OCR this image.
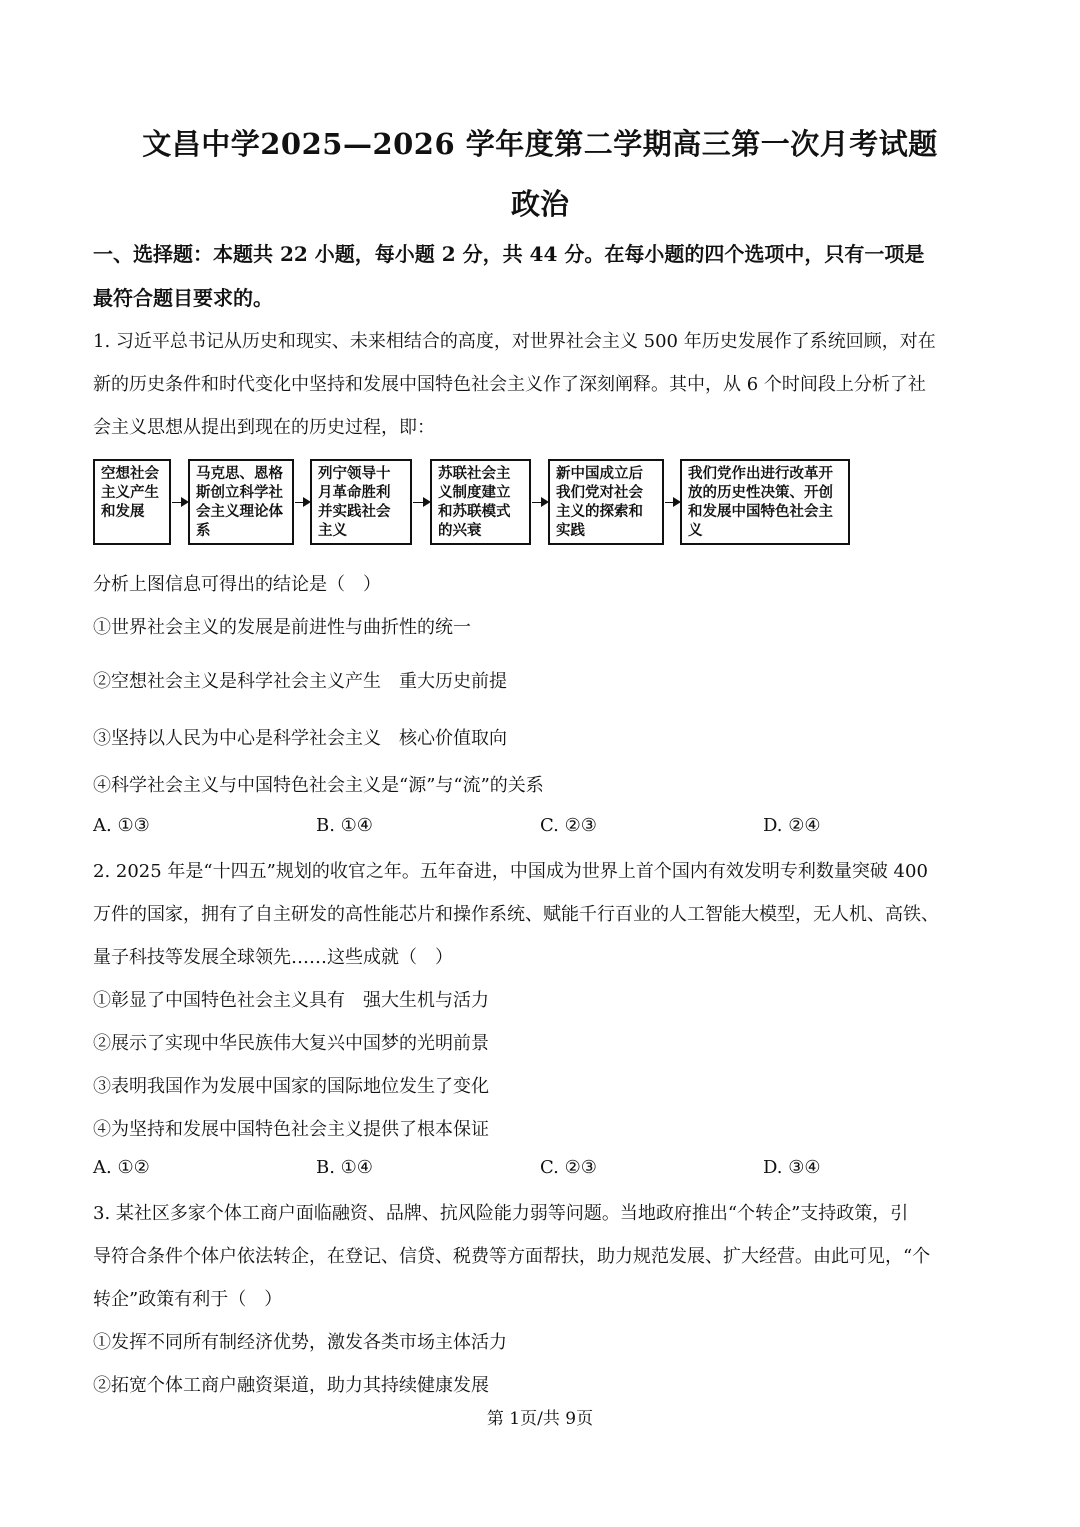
文昌中学2025—2026 学年度第二学期高三第一次月考试题
政治
一、选择题：本题共 22 小题，每小题 2 分，共 44 分。在每小题的四个选项中，只有一项是
最符合题目要求的。
1. 习近平总书记从历史和现实、未来相结合的高度，对世界社会主义 500 年历史发展作了系统回顾，对在
新的历史条件和时代变化中坚持和发展中国特色社会主义作了深刻阐释。其中，从 6 个时间段上分析了社
会主义思想从提出到现在的历史过程，即：
空想社会主义产生和发展
马克思、恩格斯创立科学社会主义理论体系
列宁领导十月革命胜利并实践社会主义
苏联社会主义制度建立和苏联模式的兴衰
新中国成立后我们党对社会主义的探索和实践
我们党作出进行改革开放的历史性决策、开创和发展中国特色社会主义
分析上图信息可得出的结论是（　）
①世界社会主义的发展是前进性与曲折性的统一
②空想社会主义是科学社会主义产生　重大历史前提
③坚持以人民为中心是科学社会主义　核心价值取向
④科学社会主义与中国特色社会主义是“源”与“流”的关系
A. ①③	B. ①④	C. ②③	D. ②④
2. 2025 年是“十四五”规划的收官之年。五年奋进，中国成为世界上首个国内有效发明专利数量突破 400
万件的国家，拥有了自主研发的高性能芯片和操作系统、赋能千行百业的人工智能大模型，无人机、高铁、
量子科技等发展全球领先……这些成就（　）
①彰显了中国特色社会主义具有　强大生机与活力
②展示了实现中华民族伟大复兴中国梦的光明前景
③表明我国作为发展中国家的国际地位发生了变化
④为坚持和发展中国特色社会主义提供了根本保证
A. ①②	B. ①④	C. ②③	D. ③④
3. 某社区多家个体工商户面临融资、品牌、抗风险能力弱等问题。当地政府推出“个转企”支持政策，引
导符合条件个体户依法转企，在登记、信贷、税费等方面帮扶，助力规范发展、扩大经营。由此可见，“个
转企”政策有利于（　）
①发挥不同所有制经济优势，激发各类市场主体活力
②拓宽个体工商户融资渠道，助力其持续健康发展
第 1页/共 9页
